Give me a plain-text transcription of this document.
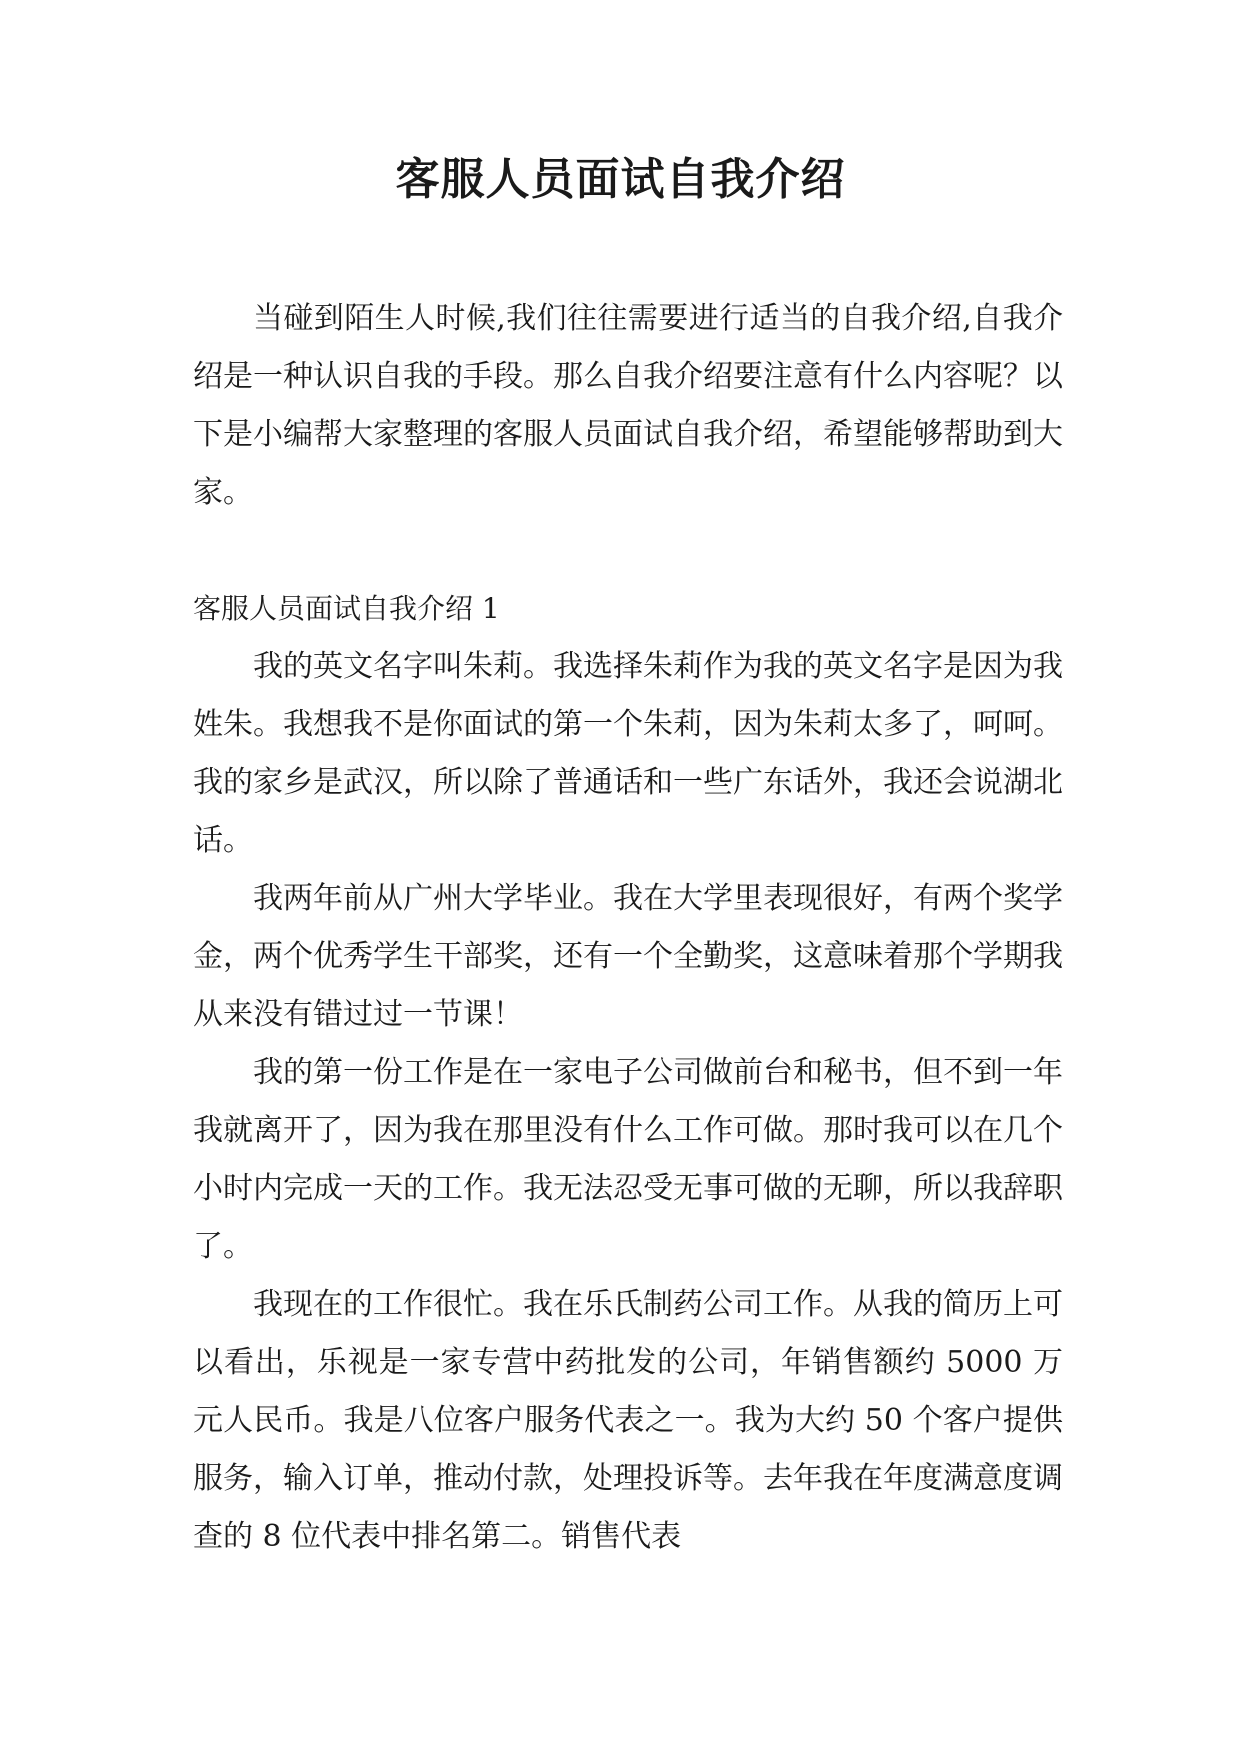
客服人员面试自我介绍

当碰到陌生人时候,我们往往需要进行适当的自我介绍,自我介绍是一种认识自我的手段。那么自我介绍要注意有什么内容呢？以下是小编帮大家整理的客服人员面试自我介绍，希望能够帮助到大家。

客服人员面试自我介绍 1

我的英文名字叫朱莉。我选择朱莉作为我的英文名字是因为我姓朱。我想我不是你面试的第一个朱莉，因为朱莉太多了，呵呵。我的家乡是武汉，所以除了普通话和一些广东话外，我还会说湖北话。

我两年前从广州大学毕业。我在大学里表现很好，有两个奖学金，两个优秀学生干部奖，还有一个全勤奖，这意味着那个学期我从来没有错过过一节课！

我的第一份工作是在一家电子公司做前台和秘书，但不到一年我就离开了，因为我在那里没有什么工作可做。那时我可以在几个小时内完成一天的工作。我无法忍受无事可做的无聊，所以我辞职了。

我现在的工作很忙。我在乐氏制药公司工作。从我的简历上可以看出，乐视是一家专营中药批发的公司，年销售额约 5000 万元人民币。我是八位客户服务代表之一。我为大约 50 个客户提供服务，输入订单，推动付款，处理投诉等。去年我在年度满意度调查的 8 位代表中排名第二。销售代表
